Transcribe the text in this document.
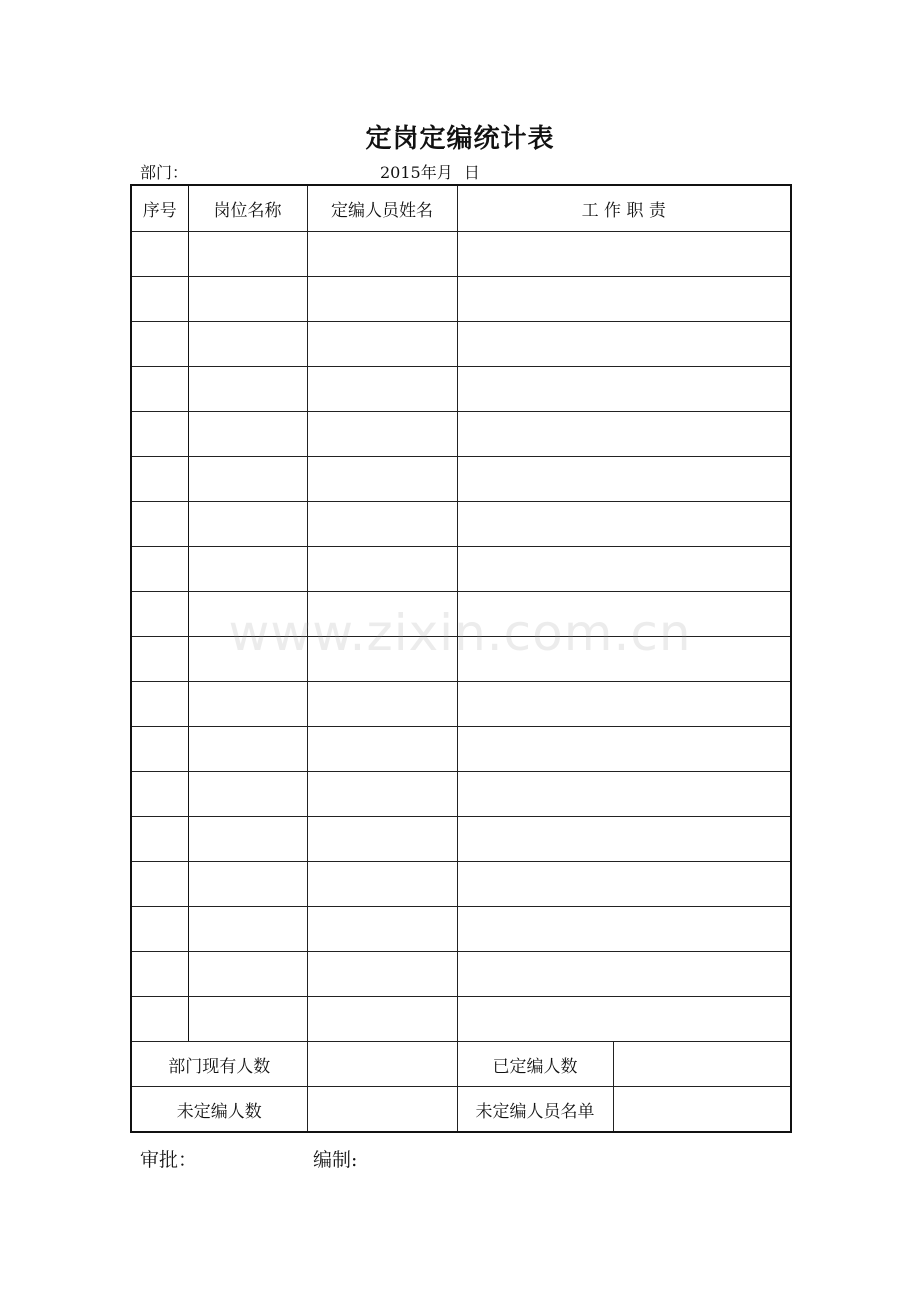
定岗定编统计表
部门：	2015年月 日
序号	岗位名称	定编人员姓名	工 作 职 责	

部门现有人数			已定编人数	
未定编人数			未定编人员名单	
审批：	编制:
www.zixin.com.cn
